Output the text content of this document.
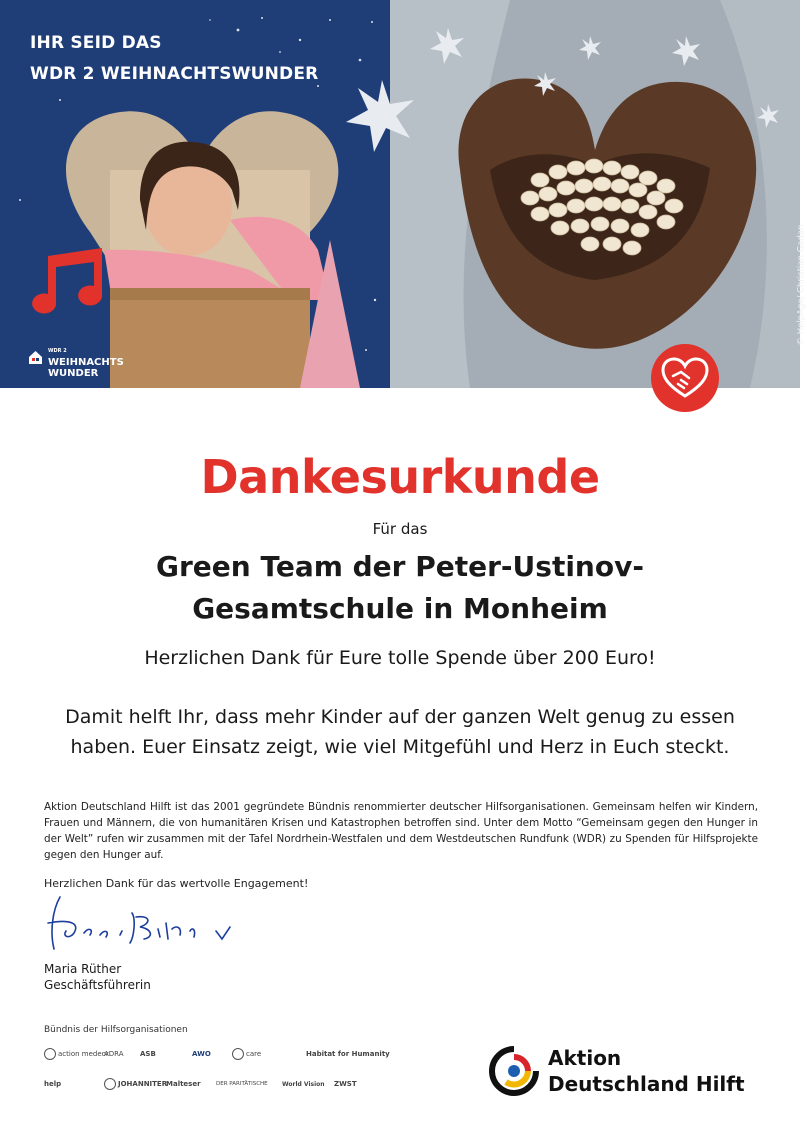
IHR SEID DAS
WDR 2 WEIHNACHTSWUNDER
WDR 2
WEIHNACHTS
WUNDER
© HelpAge/ Christian Gadan
Dankesurkunde
Für das
Green Team der Peter-Ustinov-
Gesamtschule in Monheim
Herzlichen Dank für Eure tolle Spende über 200 Euro!
Damit helft Ihr, dass mehr Kinder auf der ganzen Welt genug zu essen
haben. Euer Einsatz zeigt, wie viel Mitgefühl und Herz in Euch steckt.
Aktion Deutschland Hilft ist das 2001 gegründete Bündnis renommierter deutscher Hilfsorganisationen. Gemeinsam helfen wir Kindern, Frauen und Männern, die von humanitären Krisen und Katastrophen betroffen sind. Unter dem Motto “Gemeinsam gegen den Hunger in der Welt” rufen wir zusammen mit der Tafel Nordrhein-Westfalen und dem Westdeutschen Rundfunk (WDR) zu Spenden für Hilfsprojekte gegen den Hunger auf.
Herzlichen Dank für das wertvolle Engagement!
Maria Rüther
Geschäftsführerin
Bündnis der Hilfsorganisationen
action medeor
ADRA ASB	AWO	care	Habitat for Humanity
help	JOHANNITER
Malteser	DER PARITÄTISCHE World Vision ZWST
Aktion
Deutschland Hilft
